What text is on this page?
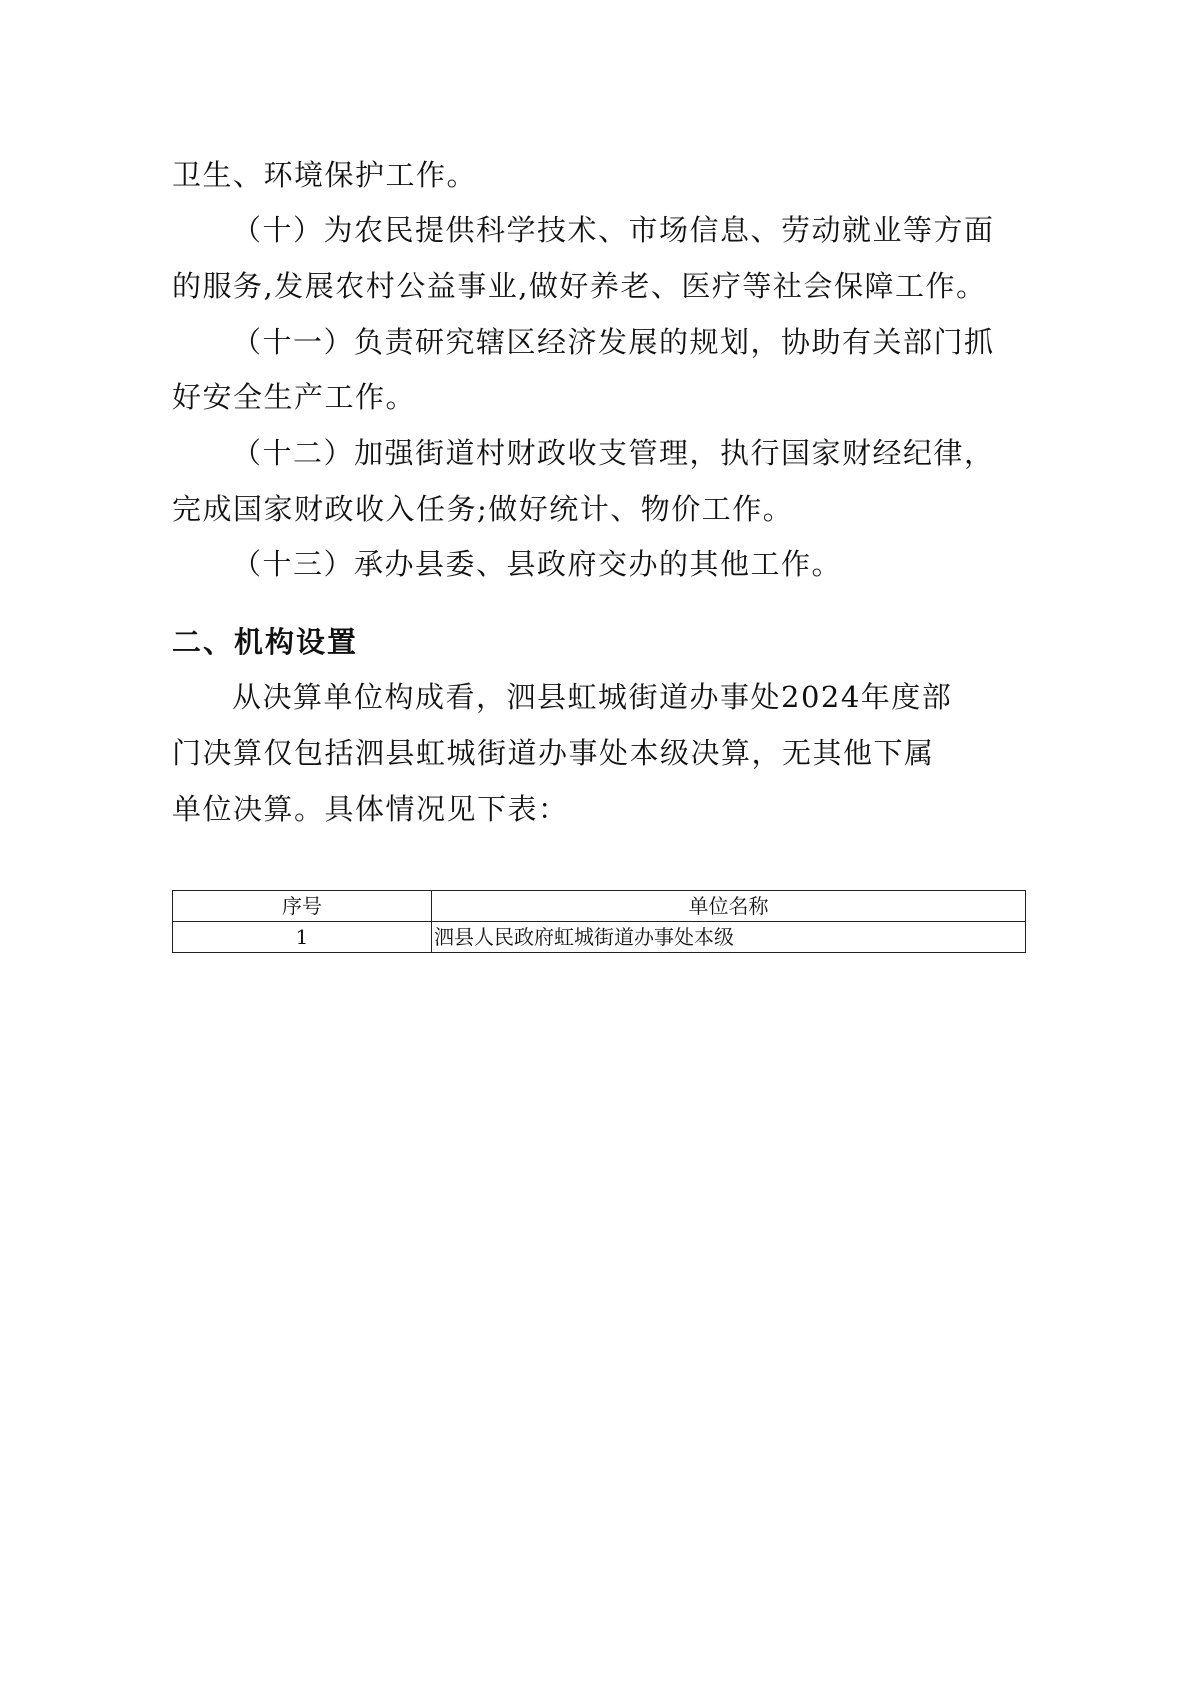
卫生、环境保护工作。
（十）为农民提供科学技术、市场信息、劳动就业等方面
的服务,发展农村公益事业,做好养老、医疗等社会保障工作。
（十一）负责研究辖区经济发展的规划，协助有关部门抓
好安全生产工作。
（十二）加强街道村财政收支管理，执行国家财经纪律，
完成国家财政收入任务;做好统计、物价工作。
（十三）承办县委、县政府交办的其他工作。
二、机构设置
从决算单位构成看，泗县虹城街道办事处2024年度部
门决算仅包括泗县虹城街道办事处本级决算，无其他下属
单位决算。具体情况见下表：
序号	单位名称
1	泗县人民政府虹城街道办事处本级
